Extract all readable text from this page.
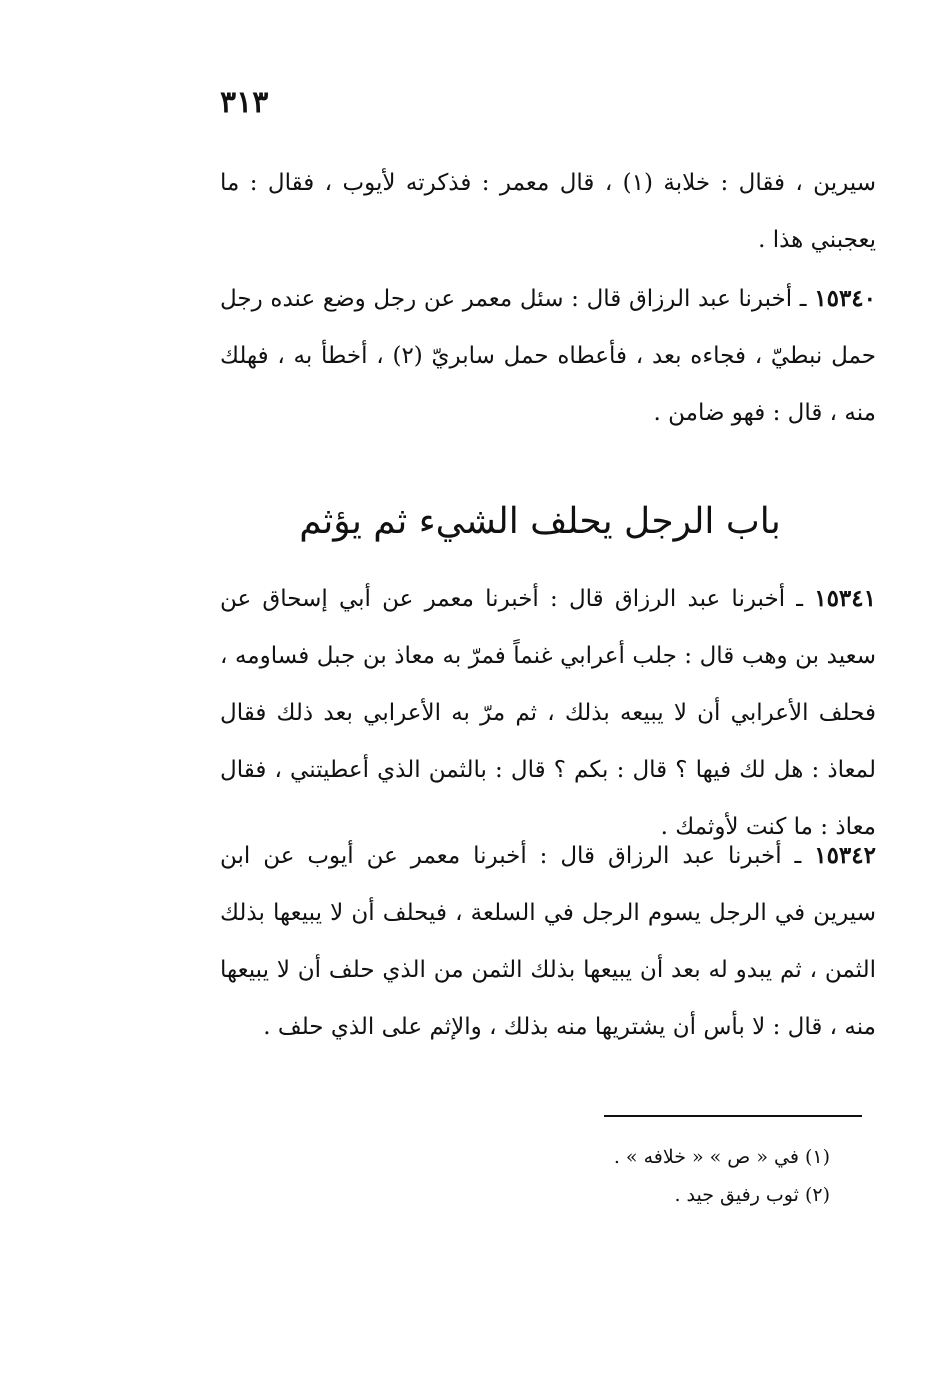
٣١٣
سيرين ، فقال : خلابة (١) ، قال معمر : فذكرته لأيوب ، فقال : ما يعجبني هذا .
١٥٣٤٠ ـ أخبرنا عبد الرزاق قال : سئل معمر عن رجل وضع عنده رجل حمل نبطيّ ، فجاءه بعد ، فأعطاه حمل سابريّ (٢) ، أخطأ به ، فهلك منه ، قال : فهو ضامن .
باب الرجل يحلف الشيء ثم يؤثم
١٥٣٤١ ـ أخبرنا عبد الرزاق قال : أخبرنا معمر عن أبي إسحاق عن سعيد بن وهب قال : جلب أعرابي غنماً فمرّ به معاذ بن جبل فساومه ، فحلف الأعرابي أن لا يبيعه بذلك ، ثم مرّ به الأعرابي بعد ذلك فقال لمعاذ : هل لك فيها ؟ قال : بكم ؟ قال : بالثمن الذي أعطيتني ، فقال معاذ : ما كنت لأوثمك .
١٥٣٤٢ ـ أخبرنا عبد الرزاق قال : أخبرنا معمر عن أيوب عن ابن سيرين في الرجل يسوم الرجل في السلعة ، فيحلف أن لا يبيعها بذلك الثمن ، ثم يبدو له بعد أن يبيعها بذلك الثمن من الذي حلف أن لا يبيعها منه ، قال : لا بأس أن يشتريها منه بذلك ، والإثم على الذي حلف .
(١) في « ص » « خلافه » .
(٢) ثوب رفيق جيد .
